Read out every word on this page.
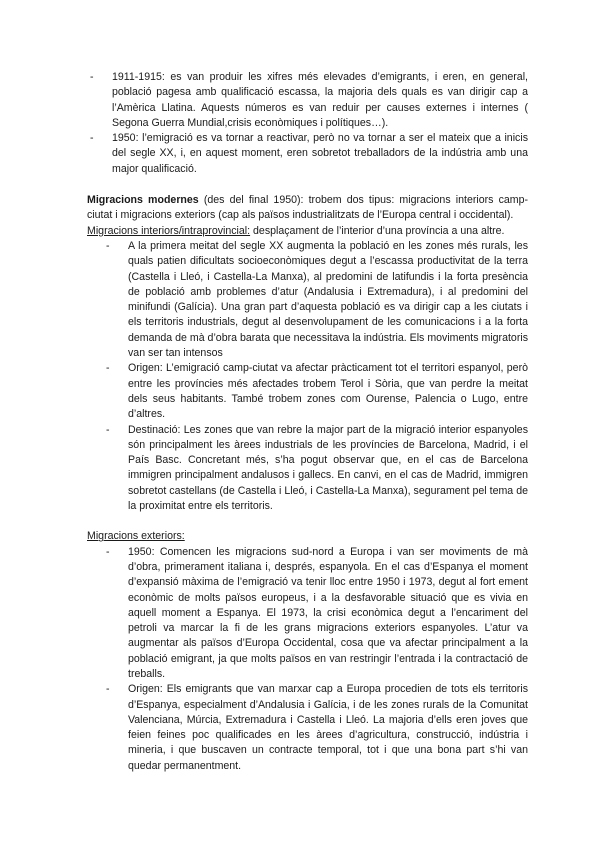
- 1911-1915: es van produir les xifres més elevades d’emigrants, i eren, en general, població pagesa amb qualificació escassa, la majoria dels quals es van dirigir cap a l’Amèrica Llatina. Aquests números es van reduir per causes externes i internes ( Segona Guerra Mundial,crisis econòmiques i polítiques…).
- 1950: l’emigració es va tornar a reactivar, però no va tornar a ser el mateix que a inicis del segle XX, i, en aquest moment, eren sobretot treballadors de la indústria amb una major qualificació.

Migracions modernes (des del final 1950): trobem dos tipus: migracions interiors camp-ciutat i migracions exteriors (cap als països industrialitzats de l’Europa central i occidental).

Migracions interiors/intraprovincial: desplaçament de l’interior d’una província a una altre.

- A la primera meitat del segle XX augmenta la població en les zones més rurals, les quals patien dificultats socioeconòmiques degut a l’escassa productivitat de la terra (Castella i Lleó, i Castella-La Manxa), al predomini de latifundis i la forta presència de població amb problemes d’atur (Andalusia i Extremadura), i al predomini del minifundi (Galícia). Una gran part d’aquesta població es va dirigir cap a les ciutats i els territoris industrials, degut al desenvolupament de les comunicacions i a la forta demanda de mà d’obra barata que necessitava la indústria. Els moviments migratoris van ser tan intensos
- Origen: L’emigració camp-ciutat va afectar pràcticament tot el territori espanyol, però entre les províncies més afectades trobem Terol i Sòria, que van perdre la meitat dels seus habitants. També trobem zones com Ourense, Palencia o Lugo, entre d’altres.
- Destinació: Les zones que van rebre la major part de la migració interior espanyoles són principalment les àrees industrials de les províncies de Barcelona, Madrid, i el País Basc. Concretant més, s’ha pogut observar que, en el cas de Barcelona immigren principalment andalusos i gallecs. En canvi, en el cas de Madrid, immigren sobretot castellans (de Castella i Lleó, i Castella-La Manxa), segurament pel tema de la proximitat entre els territoris.

Migracions exteriors:

- 1950: Comencen les migracions sud-nord a Europa i van ser moviments de mà d’obra, primerament italiana i, després, espanyola. En el cas d’Espanya el moment d’expansió màxima de l’emigració va tenir lloc entre 1950 i 1973, degut al fort ement econòmic de molts països europeus, i a la desfavorable situació que es vivia en aquell moment a Espanya. El 1973, la crisi econòmica degut a l’encariment del petroli va marcar la fi de les grans migracions exteriors espanyoles. L’atur va augmentar als països d’Europa Occidental, cosa que va afectar principalment a la població emigrant, ja que molts països en van restringir l’entrada i la contractació de treballs.
- Origen: Els emigrants que van marxar cap a Europa procedien de tots els territoris d’Espanya, especialment d’Andalusia i Galícia, i de les zones rurals de la Comunitat Valenciana, Múrcia, Extremadura i Castella i Lleó. La majoria d’ells eren joves que feien feines poc qualificades en les àrees d’agricultura, construcció, indústria i mineria, i que buscaven un contracte temporal, tot i que una bona part s’hi van quedar permanentment.
